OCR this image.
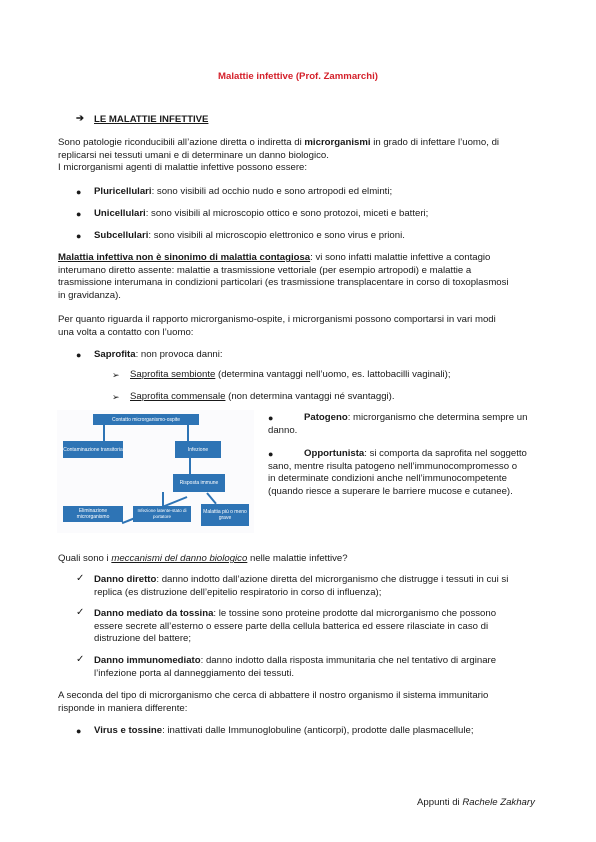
Malattie infettive (Prof. Zammarchi)
➔ LE MALATTIE INFETTIVE
Sono patologie riconducibili all’azione diretta o indiretta di microrganismi in grado di infettare l’uomo, di
replicarsi nei tessuti umani e di determinare un danno biologico.
I microrganismi agenti di malattie infettive possono essere:
● Pluricellulari: sono visibili ad occhio nudo e sono artropodi ed elminti;
● Unicellulari: sono visibili al microscopio ottico e sono protozoi, miceti e batteri;
● Subcellulari: sono visibili al microscopio elettronico e sono virus e prioni.
Malattia infettiva non è sinonimo di malattia contagiosa: vi sono infatti malattie infettive a contagio
interumano diretto assente: malattie a trasmissione vettoriale (per esempio artropodi) e malattie a
trasmissione interumana in condizioni particolari (es trasmissione transplacentare in corso di toxoplasmosi
in gravidanza).
Per quanto riguarda il rapporto microrganismo-ospite, i microrganismi possono comportarsi in vari modi
una volta a contatto con l’uomo:
● Saprofita: non provoca danni:
➢ Saprofita sembionte (determina vantaggi nell’uomo, es. lattobacilli vaginali);
➢ Saprofita commensale (non determina vantaggi né svantaggi).
Contatto microrganismo-ospite
Contaminazione transitoria	Infezione
Risposta immune
Eliminazione microrganismo
Infezione latente-stato di portatore
Malattia più o meno grave
●	Patogeno: microrganismo che determina sempre un
danno.
●	Opportunista: si comporta da saprofita nel soggetto
sano, mentre risulta patogeno nell’immunocompromesso o
in determinate condizioni anche nell’immunocompetente
(quando riesce a superare le barriere mucose e cutanee).
Quali sono i meccanismi del danno biologico nelle malattie infettive?
✓ Danno diretto: danno indotto dall’azione diretta del microrganismo che distrugge i tessuti in cui si
replica (es distruzione dell’epitelio respiratorio in corso di influenza);
✓ Danno mediato da tossina: le tossine sono proteine prodotte dal microrganismo che possono
essere secrete all’esterno o essere parte della cellula batterica ed essere rilasciate in caso di
distruzione del battere;
✓ Danno immunomediato: danno indotto dalla risposta immunitaria che nel tentativo di arginare
l’infezione porta al danneggiamento dei tessuti.
A seconda del tipo di microrganismo che cerca di abbattere il nostro organismo il sistema immunitario
risponde in maniera differente:
● Virus e tossine: inattivati dalle Immunoglobuline (anticorpi), prodotte dalle plasmacellule;
Appunti di Rachele Zakhary
